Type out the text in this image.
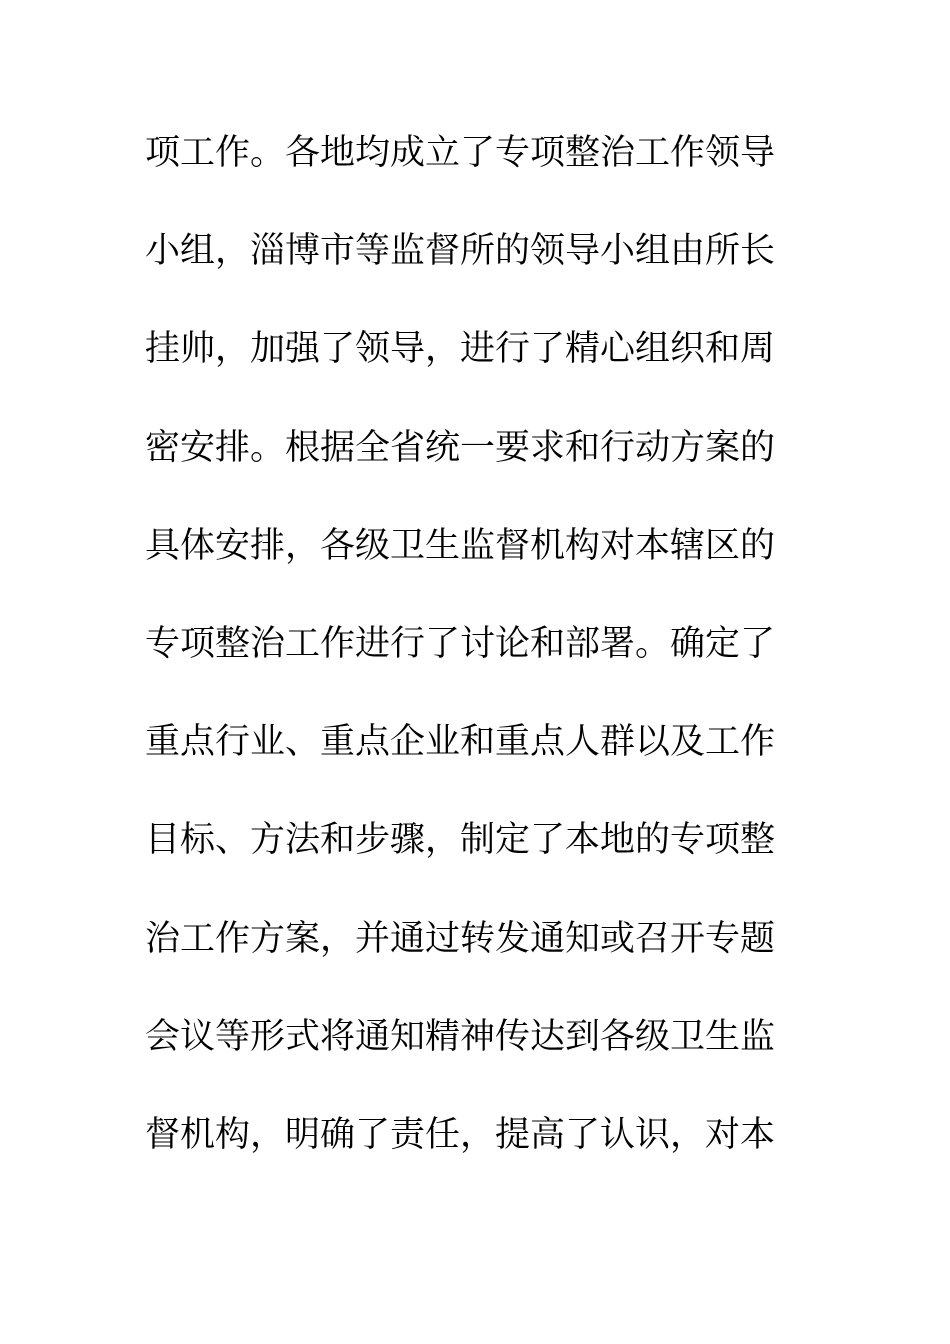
项工作。各地均成立了专项整治工作领导
小组，淄博市等监督所的领导小组由所长
挂帅，加强了领导，进行了精心组织和周
密安排。根据全省统一要求和行动方案的
具体安排，各级卫生监督机构对本辖区的
专项整治工作进行了讨论和部署。确定了
重点行业、重点企业和重点人群以及工作
目标、方法和步骤，制定了本地的专项整
治工作方案，并通过转发通知或召开专题
会议等形式将通知精神传达到各级卫生监
督机构，明确了责任，提高了认识，对本
